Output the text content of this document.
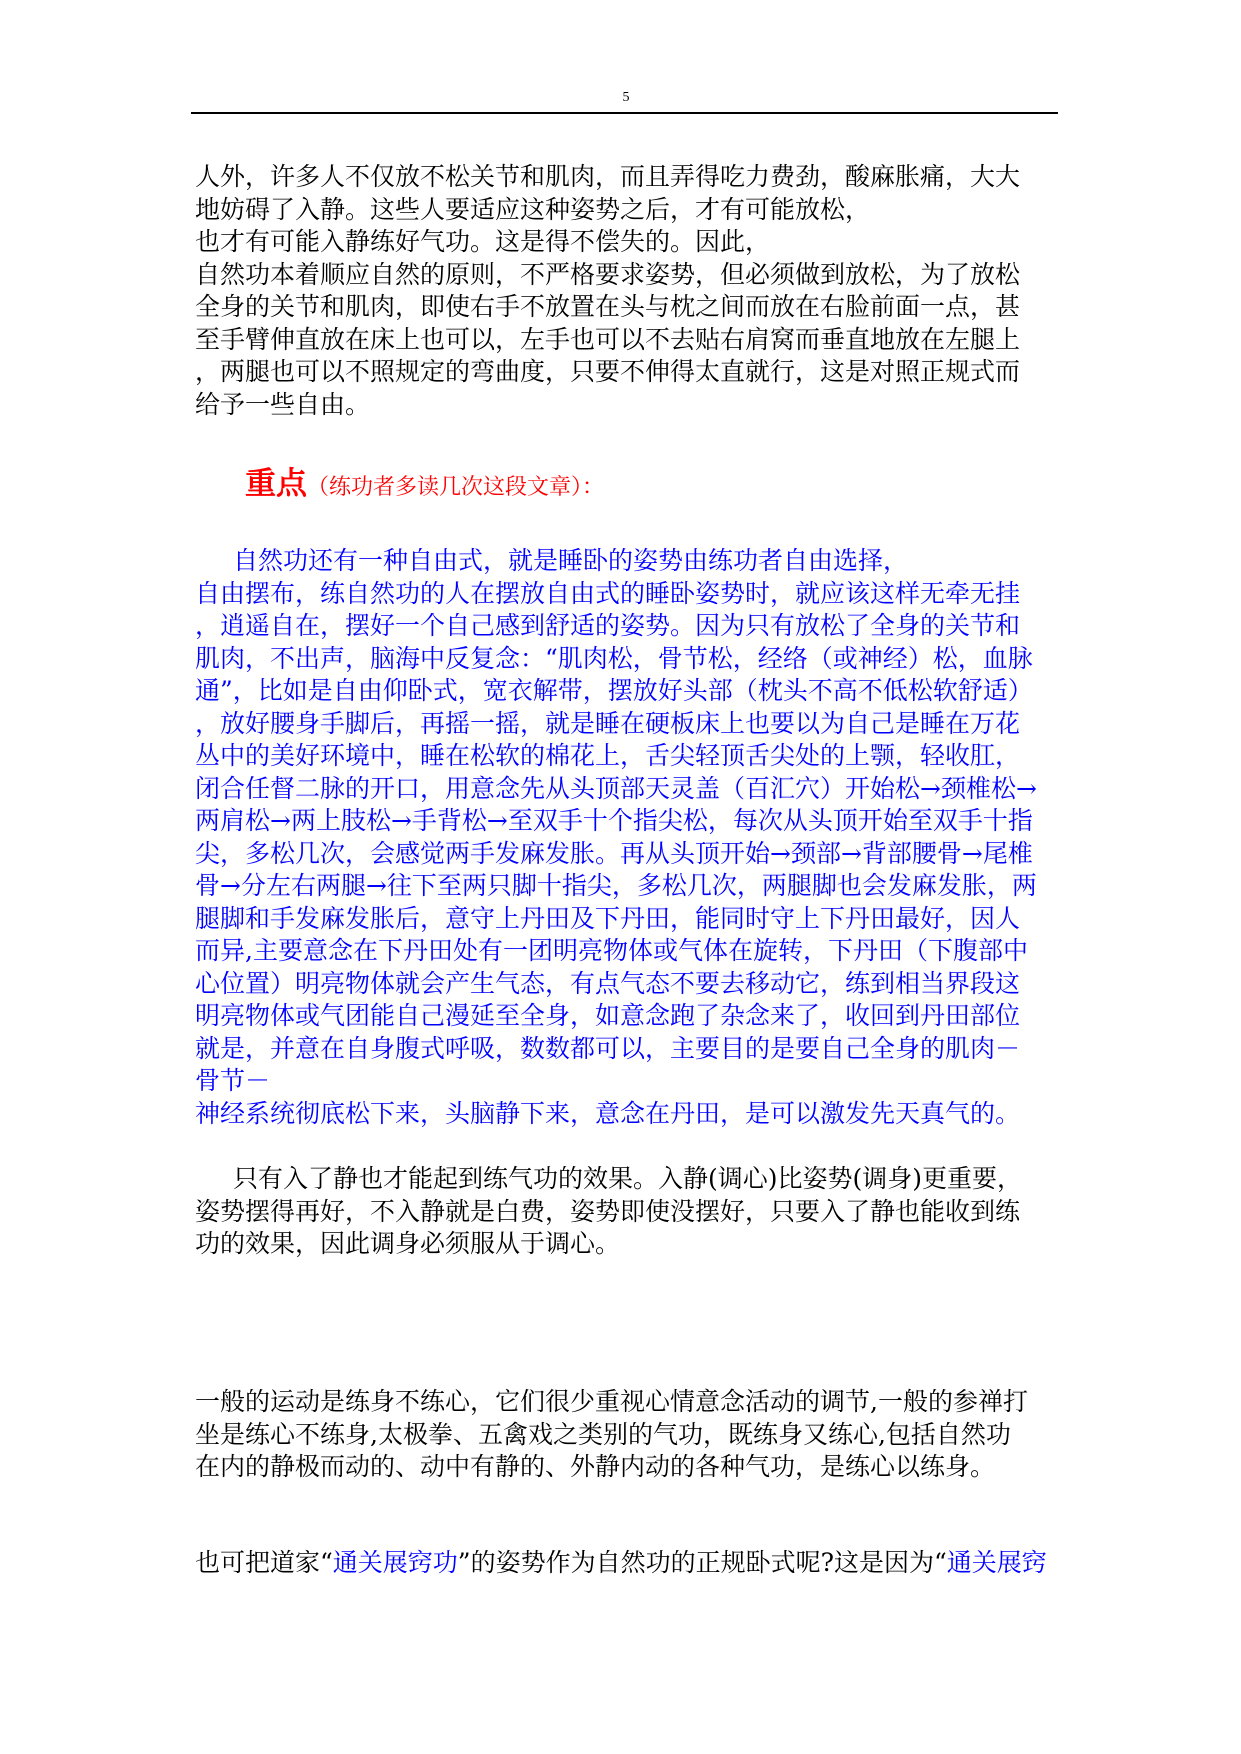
5
人外，许多人不仅放不松关节和肌肉，而且弄得吃力费劲，酸麻胀痛，大大
地妨碍了入静。这些人要适应这种姿势之后，才有可能放松，
也才有可能入静练好气功。这是得不偿失的。因此，
自然功本着顺应自然的原则，不严格要求姿势，但必须做到放松，为了放松
全身的关节和肌肉，即使右手不放置在头与枕之间而放在右脸前面一点，甚
至手臂伸直放在床上也可以，左手也可以不去贴右肩窝而垂直地放在左腿上
，两腿也可以不照规定的弯曲度，只要不伸得太直就行，这是对照正规式而
给予一些自由。
重点（练功者多读几次这段文章）：
自然功还有一种自由式，就是睡卧的姿势由练功者自由选择，
自由摆布，练自然功的人在摆放自由式的睡卧姿势时，就应该这样无牵无挂
，逍遥自在，摆好一个自己感到舒适的姿势。因为只有放松了全身的关节和
肌肉，不出声，脑海中反复念：“肌肉松，骨节松，经络（或神经）松，血脉
通”，比如是自由仰卧式，宽衣解带，摆放好头部（枕头不高不低松软舒适）
，放好腰身手脚后，再摇一摇，就是睡在硬板床上也要以为自己是睡在万花
丛中的美好环境中，睡在松软的棉花上，舌尖轻顶舌尖处的上颚，轻收肛，
闭合任督二脉的开口，用意念先从头顶部天灵盖（百汇穴）开始松→颈椎松→
两肩松→两上肢松→手背松→至双手十个指尖松，每次从头顶开始至双手十指
尖，多松几次，会感觉两手发麻发胀。再从头顶开始→颈部→背部腰骨→尾椎
骨→分左右两腿→往下至两只脚十指尖，多松几次，两腿脚也会发麻发胀，两
腿脚和手发麻发胀后，意守上丹田及下丹田，能同时守上下丹田最好，因人
而异,主要意念在下丹田处有一团明亮物体或气体在旋转，下丹田（下腹部中
心位置）明亮物体就会产生气态，有点气态不要去移动它，练到相当界段这
明亮物体或气团能自己漫延至全身，如意念跑了杂念来了，收回到丹田部位
就是，并意在自身腹式呼吸，数数都可以，主要目的是要自己全身的肌肉－
骨节－
神经系统彻底松下来，头脑静下来，意念在丹田，是可以激发先天真气的。
只有入了静也才能起到练气功的效果。入静(调心)比姿势(调身)更重要，
姿势摆得再好，不入静就是白费，姿势即使没摆好，只要入了静也能收到练
功的效果，因此调身必须服从于调心。
一般的运动是练身不练心，它们很少重视心情意念活动的调节,一般的参禅打
坐是练心不练身,太极拳、五禽戏之类别的气功，既练身又练心,包括自然功
在内的静极而动的、动中有静的、外静内动的各种气功，是练心以练身。
也可把道家“通关展窍功”的姿势作为自然功的正规卧式呢?这是因为“通关展窍
